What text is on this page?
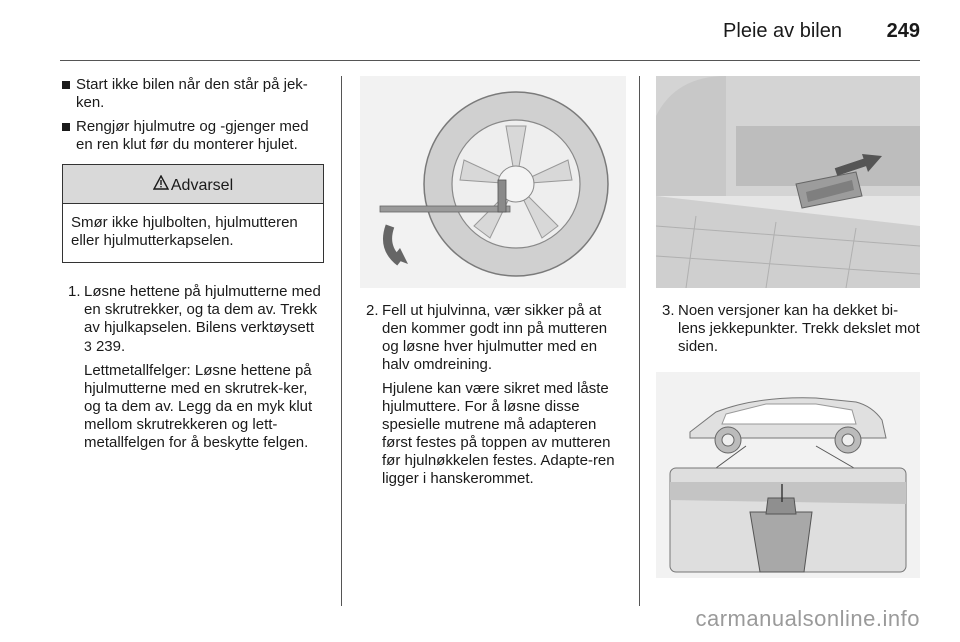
Pleie av bilen 249
Start ikke bilen når den står på jek-ken.
Rengjør hjulmutre og -gjenger med en ren klut før du monterer hjulet.
Advarsel
Smør ikke hjulbolten, hjulmutteren eller hjulmutterkapselen.
1. Løsne hettene på hjulmutterne med en skrutrekker, og ta dem av. Trekk av hjulkapselen. Bilens verktøysett 3 239.
Lettmetallfelger: Løsne hettene på hjulmutterne med en skrutrek-ker, og ta dem av. Legg da en myk klut mellom skrutrekkeren og lett-metallfelgen for å beskytte felgen.
2. Fell ut hjulvinna, vær sikker på at den kommer godt inn på mutteren og løsne hver hjulmutter med en halv omdreining.
Hjulene kan være sikret med låste hjulmuttere. For å løsne disse spesielle mutrene må adapteren først festes på toppen av mutteren før hjulnøkkelen festes. Adapte-ren ligger i hanskerommet.
3. Noen versjoner kan ha dekket bi-lens jekkepunkter. Trekk dekslet mot siden.
carmanualsonline.info
